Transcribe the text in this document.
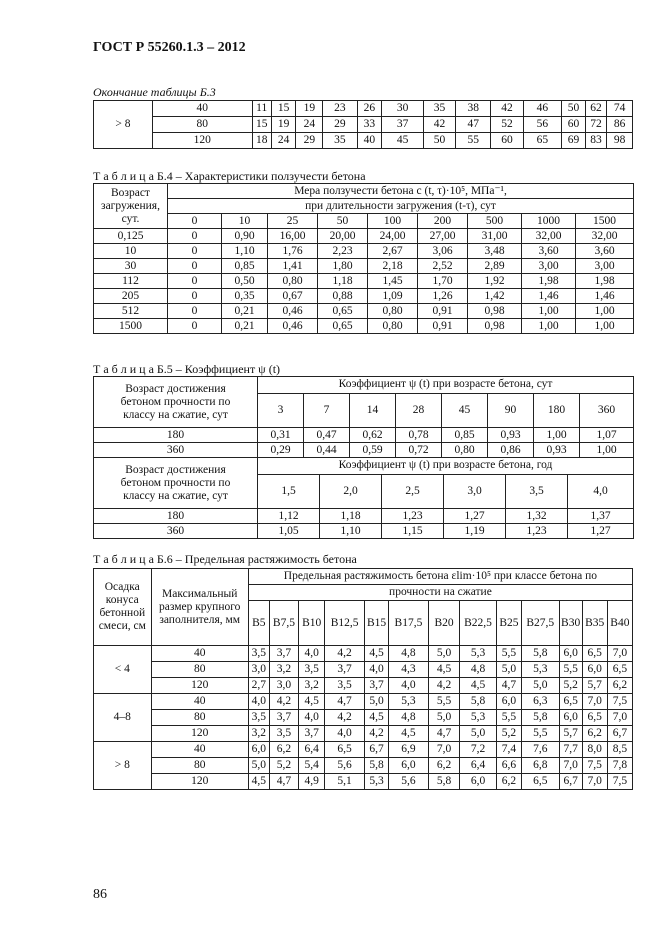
ГОСТ Р 55260.1.3 – 2012
Окончание таблицы Б.3
> 8	40	11	15	19	23	26	30	35	38	42	46	50	62	74
	80	15	19	24	29	33	37	42	47	52	56	60	72	86
	120	18	24	29	35	40	45	50	55	60	65	69	83	98
Т а б л и ц а Б.4 – Характеристики ползучести бетона
Возраст загружения, сут.	Мера ползучести бетона c (t, τ)·10⁵, МПа⁻¹,								
	при длительности загружения (t-τ), сут								
	0	10	25	50	100	200	500	1000	1500
0,125	0	0,90	16,00	20,00	24,00	27,00	31,00	32,00	32,00
10	0	1,10	1,76	2,23	2,67	3,06	3,48	3,60	3,60
30	0	0,85	1,41	1,80	2,18	2,52	2,89	3,00	3,00
112	0	0,50	0,80	1,18	1,45	1,70	1,92	1,98	1,98
205	0	0,35	0,67	0,88	1,09	1,26	1,42	1,46	1,46
512	0	0,21	0,46	0,65	0,80	0,91	0,98	1,00	1,00
1500	0	0,21	0,46	0,65	0,80	0,91	0,98	1,00	1,00
Т а б л и ц а Б.5 – Коэффициент ψ (t)
Возраст достижения бетоном прочности по классу на сжатие, сут	Коэффициент ψ (t) при возрасте бетона, сут							
	3	7	14	28	45	90	180	360
180	0,31	0,47	0,62	0,78	0,85	0,93	1,00	1,07
360	0,29	0,44	0,59	0,72	0,80	0,86	0,93	1,00
Возраст достижения бетоном прочности по классу на сжатие, сут	Коэффициент ψ (t) при возрасте бетона, год					
	1,5	2,0	2,5	3,0	3,5	4,0
180	1,12	1,18	1,23	1,27	1,32	1,37
360	1,05	1,10	1,15	1,19	1,23	1,27
Т а б л и ц а Б.6 – Предельная растяжимость бетона
Осадка конуса бетонной смеси, см	Максимальный размер крупного заполнителя, мм	Предельная растяжимость бетона εlim·10⁵ при классе бетона по												
		прочности на сжатие												
		B5	B7,5	B10	B12,5	B15	B17,5	B20	B22,5	B25	B27,5	B30	B35	B40
< 4	40	3,5	3,7	4,0	4,2	4,5	4,8	5,0	5,3	5,5	5,8	6,0	6,5	7,0
	80	3,0	3,2	3,5	3,7	4,0	4,3	4,5	4,8	5,0	5,3	5,5	6,0	6,5
	120	2,7	3,0	3,2	3,5	3,7	4,0	4,2	4,5	4,7	5,0	5,2	5,7	6,2
4–8	40	4,0	4,2	4,5	4,7	5,0	5,3	5,5	5,8	6,0	6,3	6,5	7,0	7,5
	80	3,5	3,7	4,0	4,2	4,5	4,8	5,0	5,3	5,5	5,8	6,0	6,5	7,0
	120	3,2	3,5	3,7	4,0	4,2	4,5	4,7	5,0	5,2	5,5	5,7	6,2	6,7
> 8	40	6,0	6,2	6,4	6,5	6,7	6,9	7,0	7,2	7,4	7,6	7,7	8,0	8,5
	80	5,0	5,2	5,4	5,6	5,8	6,0	6,2	6,4	6,6	6,8	7,0	7,5	7,8
	120	4,5	4,7	4,9	5,1	5,3	5,6	5,8	6,0	6,2	6,5	6,7	7,0	7,5
86
